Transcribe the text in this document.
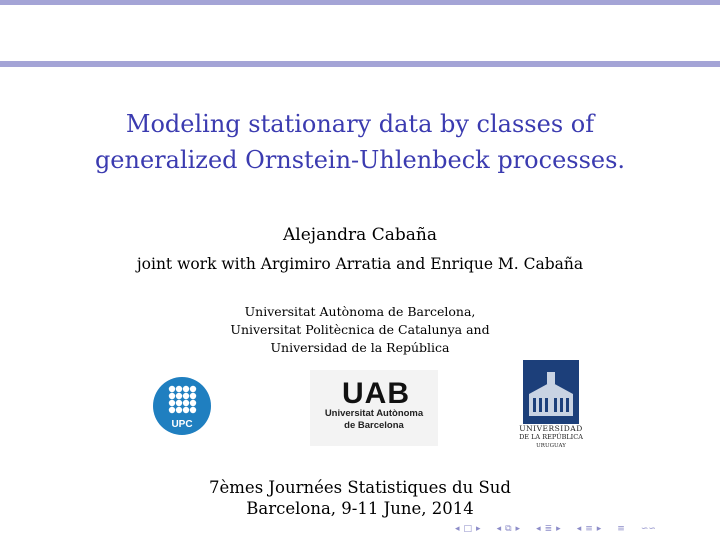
Modeling stationary data by classes of
generalized Ornstein-Uhlenbeck processes.
Alejandra Cabaña
joint work with Argimiro Arratia and Enrique M. Cabaña
Universitat Autònoma de Barcelona,
Universitat Politècnica de Catalunya and
Universidad de la República
UPC
UAB
Universitat Autònoma
de Barcelona	UNIVERSIDAD
DE LA REPÚBLICA
URUGUAY
7èmes Journées Statistiques du Sud
Barcelona, 9-11 June, 2014
◂ □ ▸ ◂ ⧉ ▸ ◂ ≣ ▸ ◂ ≡ ▸ ≡ ∽∽
